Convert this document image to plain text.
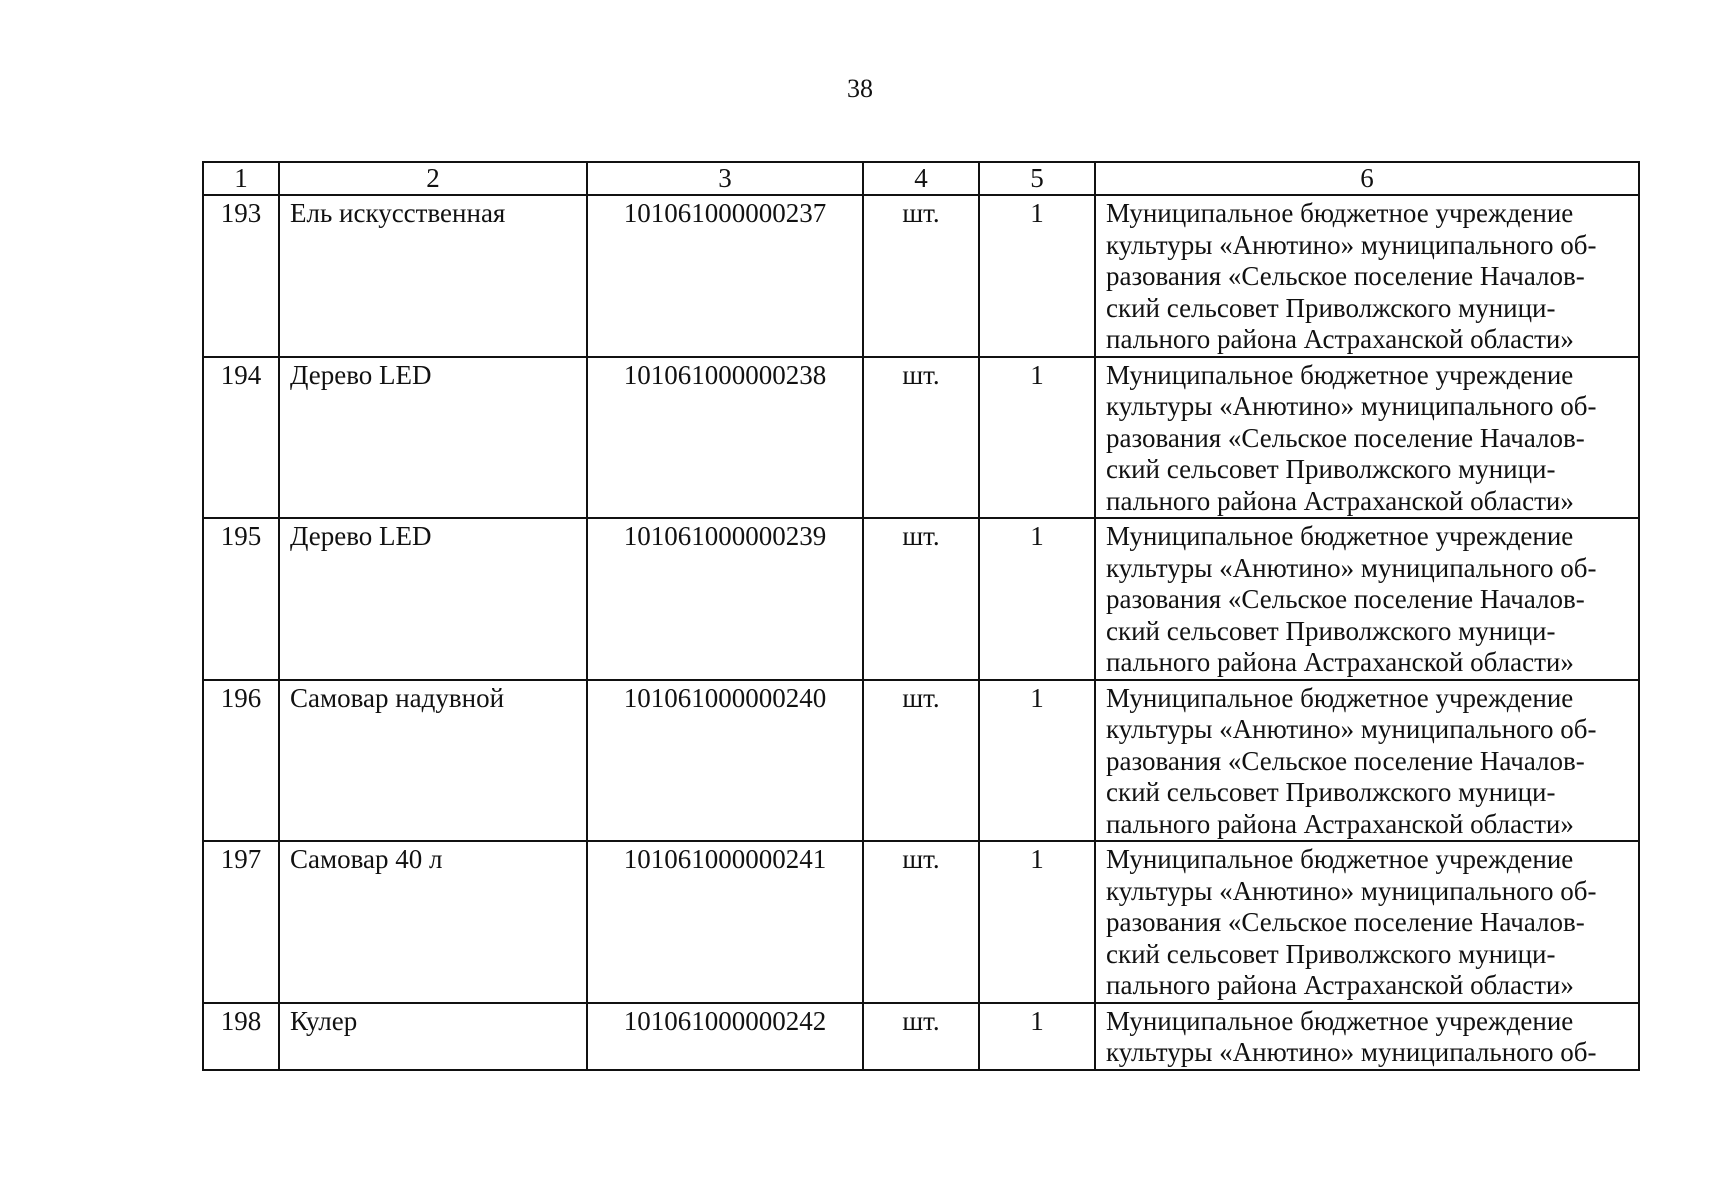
38
1	2	3	4	5	6
193	Ель искусственная	101061000000237	шт.	1	Муниципальное бюджетное учреждение
культуры «Анютино» муниципального об-
разования «Сельское поселение Началов-
ский сельсовет Приволжского муници-
пального района Астраханской области»
194	Дерево LED	101061000000238	шт.	1	Муниципальное бюджетное учреждение
культуры «Анютино» муниципального об-
разования «Сельское поселение Началов-
ский сельсовет Приволжского муници-
пального района Астраханской области»
195	Дерево LED	101061000000239	шт.	1	Муниципальное бюджетное учреждение
культуры «Анютино» муниципального об-
разования «Сельское поселение Началов-
ский сельсовет Приволжского муници-
пального района Астраханской области»
196	Самовар надувной	101061000000240	шт.	1	Муниципальное бюджетное учреждение
культуры «Анютино» муниципального об-
разования «Сельское поселение Началов-
ский сельсовет Приволжского муници-
пального района Астраханской области»
197	Самовар 40 л	101061000000241	шт.	1	Муниципальное бюджетное учреждение
культуры «Анютино» муниципального об-
разования «Сельское поселение Началов-
ский сельсовет Приволжского муници-
пального района Астраханской области»
198	Кулер	101061000000242	шт.	1	Муниципальное бюджетное учреждение
культуры «Анютино» муниципального об-
